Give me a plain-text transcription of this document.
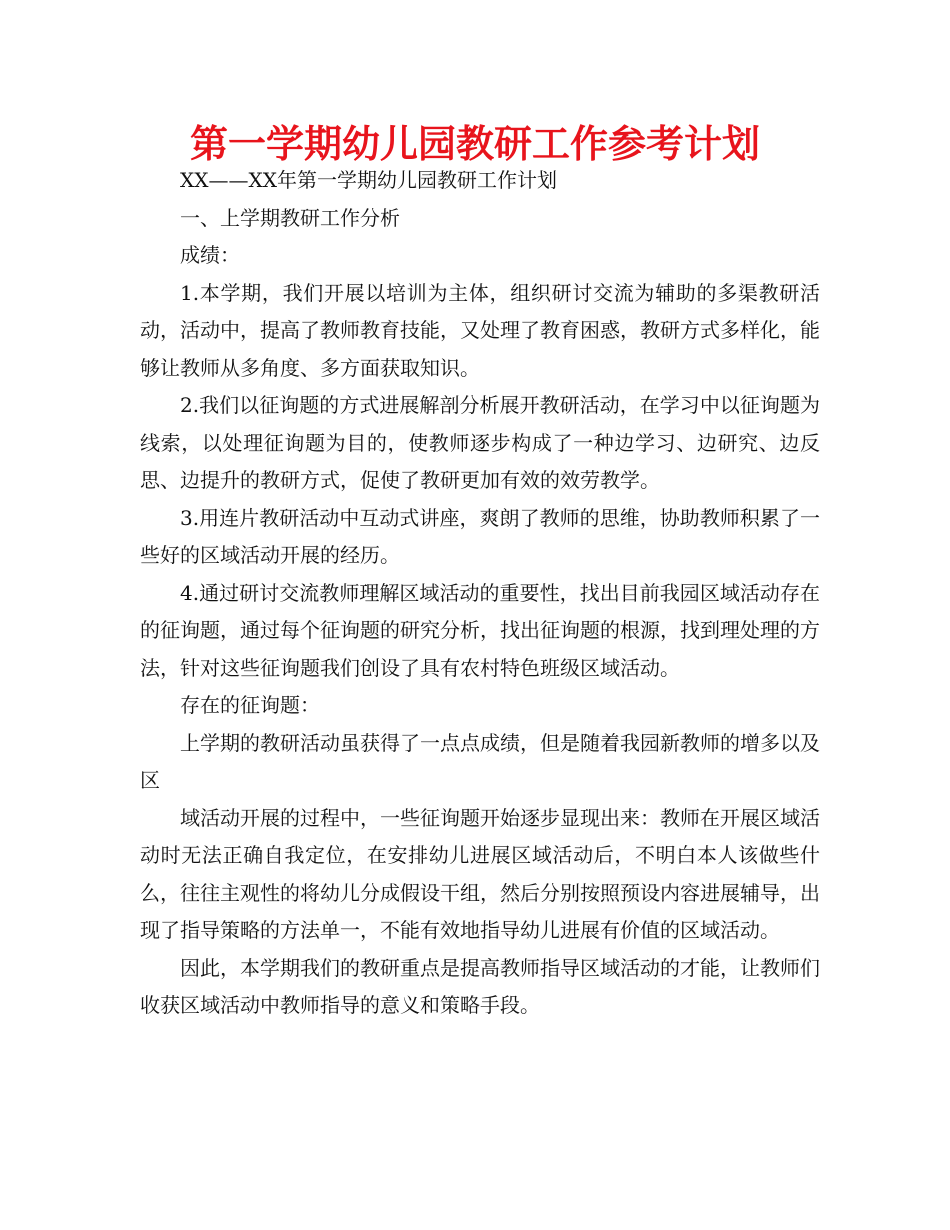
第一学期幼儿园教研工作参考计划

XX——XX年第一学期幼儿园教研工作计划

一、上学期教研工作分析

成绩：

1.本学期，我们开展以培训为主体，组织研讨交流为辅助的多渠教研活动，活动中，提高了教师教育技能，又处理了教育困惑，教研方式多样化，能够让教师从多角度、多方面获取知识。

2.我们以征询题的方式进展解剖分析展开教研活动，在学习中以征询题为线索，以处理征询题为目的，使教师逐步构成了一种边学习、边研究、边反思、边提升的教研方式，促使了教研更加有效的效劳教学。

3.用连片教研活动中互动式讲座，爽朗了教师的思维，协助教师积累了一些好的区域活动开展的经历。

4.通过研讨交流教师理解区域活动的重要性，找出目前我园区域活动存在的征询题，通过每个征询题的研究分析，找出征询题的根源，找到理处理的方法，针对这些征询题我们创设了具有农村特色班级区域活动。

存在的征询题：

上学期的教研活动虽获得了一点点成绩，但是随着我园新教师的增多以及区

域活动开展的过程中，一些征询题开始逐步显现出来：教师在开展区域活动时无法正确自我定位，在安排幼儿进展区域活动后，不明白本人该做些什么，往往主观性的将幼儿分成假设干组，然后分别按照预设内容进展辅导，出现了指导策略的方法单一，不能有效地指导幼儿进展有价值的区域活动。

因此，本学期我们的教研重点是提高教师指导区域活动的才能，让教师们收获区域活动中教师指导的意义和策略手段。
